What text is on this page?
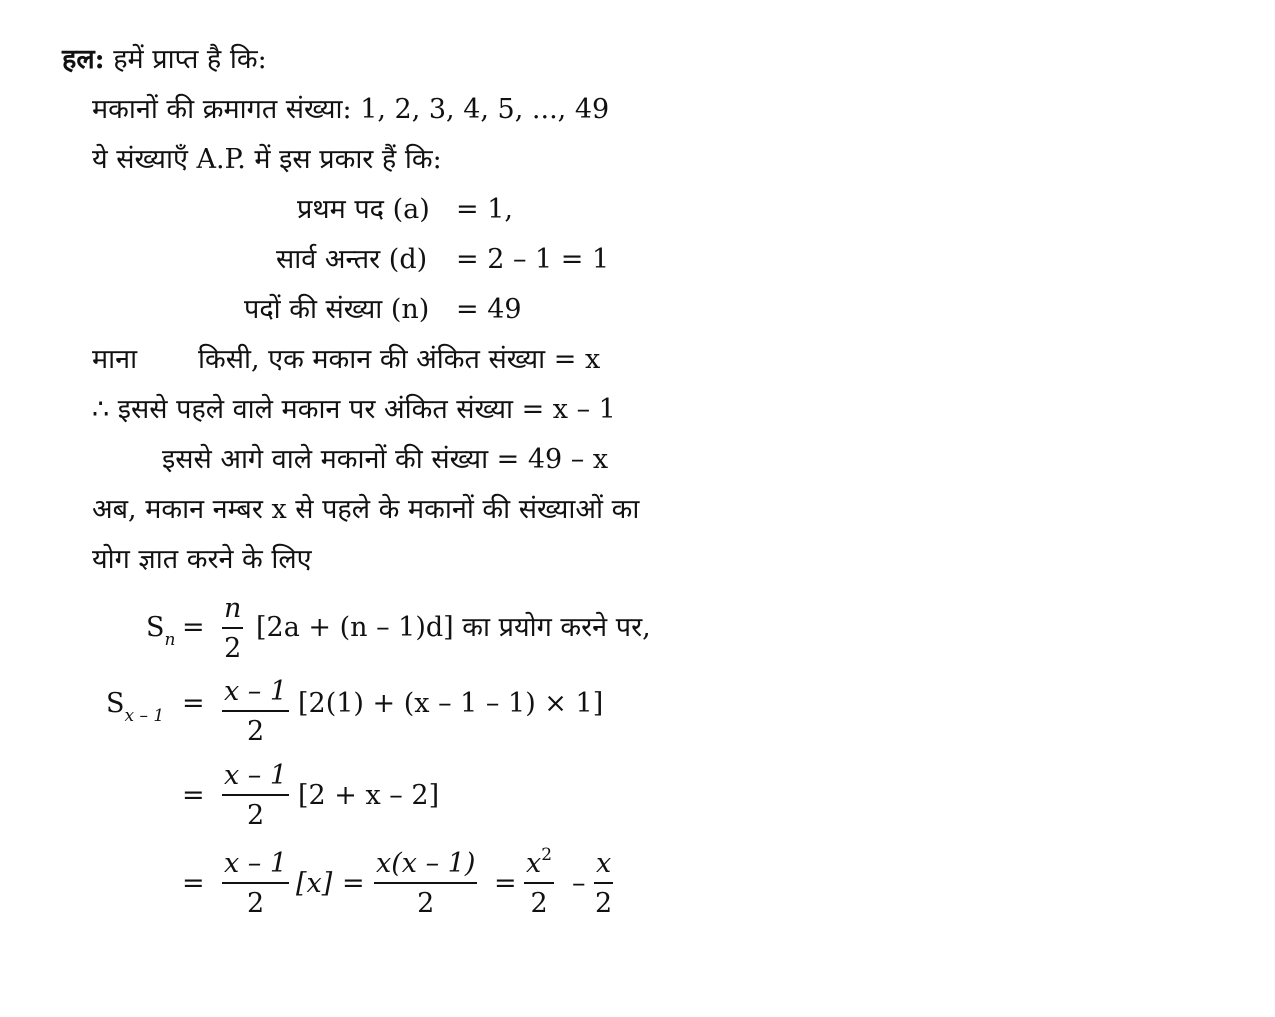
हल: हमें प्राप्त है कि:
मकानों की क्रमागत संख्या: 1, 2, 3, 4, 5, ..., 49
ये संख्याएँ A.P. में इस प्रकार हैं कि:
प्रथम पद (a) = 1,
सार्व अन्तर (d) = 2 – 1 = 1
पदों की संख्या (n) = 49
माना किसी, एक मकान की अंकित संख्या = x
∴ इससे पहले वाले मकान पर अंकित संख्या = x – 1
इससे आगे वाले मकानों की संख्या = 49 – x
अब, मकान नम्बर x से पहले के मकानों की संख्याओं का
योग ज्ञात करने के लिए
$S_n$ =
n
2
[2a + (n – 1)d] का प्रयोग करने पर,
$S_{x - 1} = x - 1$
2
[2(1) + (x – 1 – 1) × 1]
=
x – 1
2
[2 + x – 2]
=
x – 1
2
[x] =
x(x – 1)
2
=
$x^2$
2
–
x
2
